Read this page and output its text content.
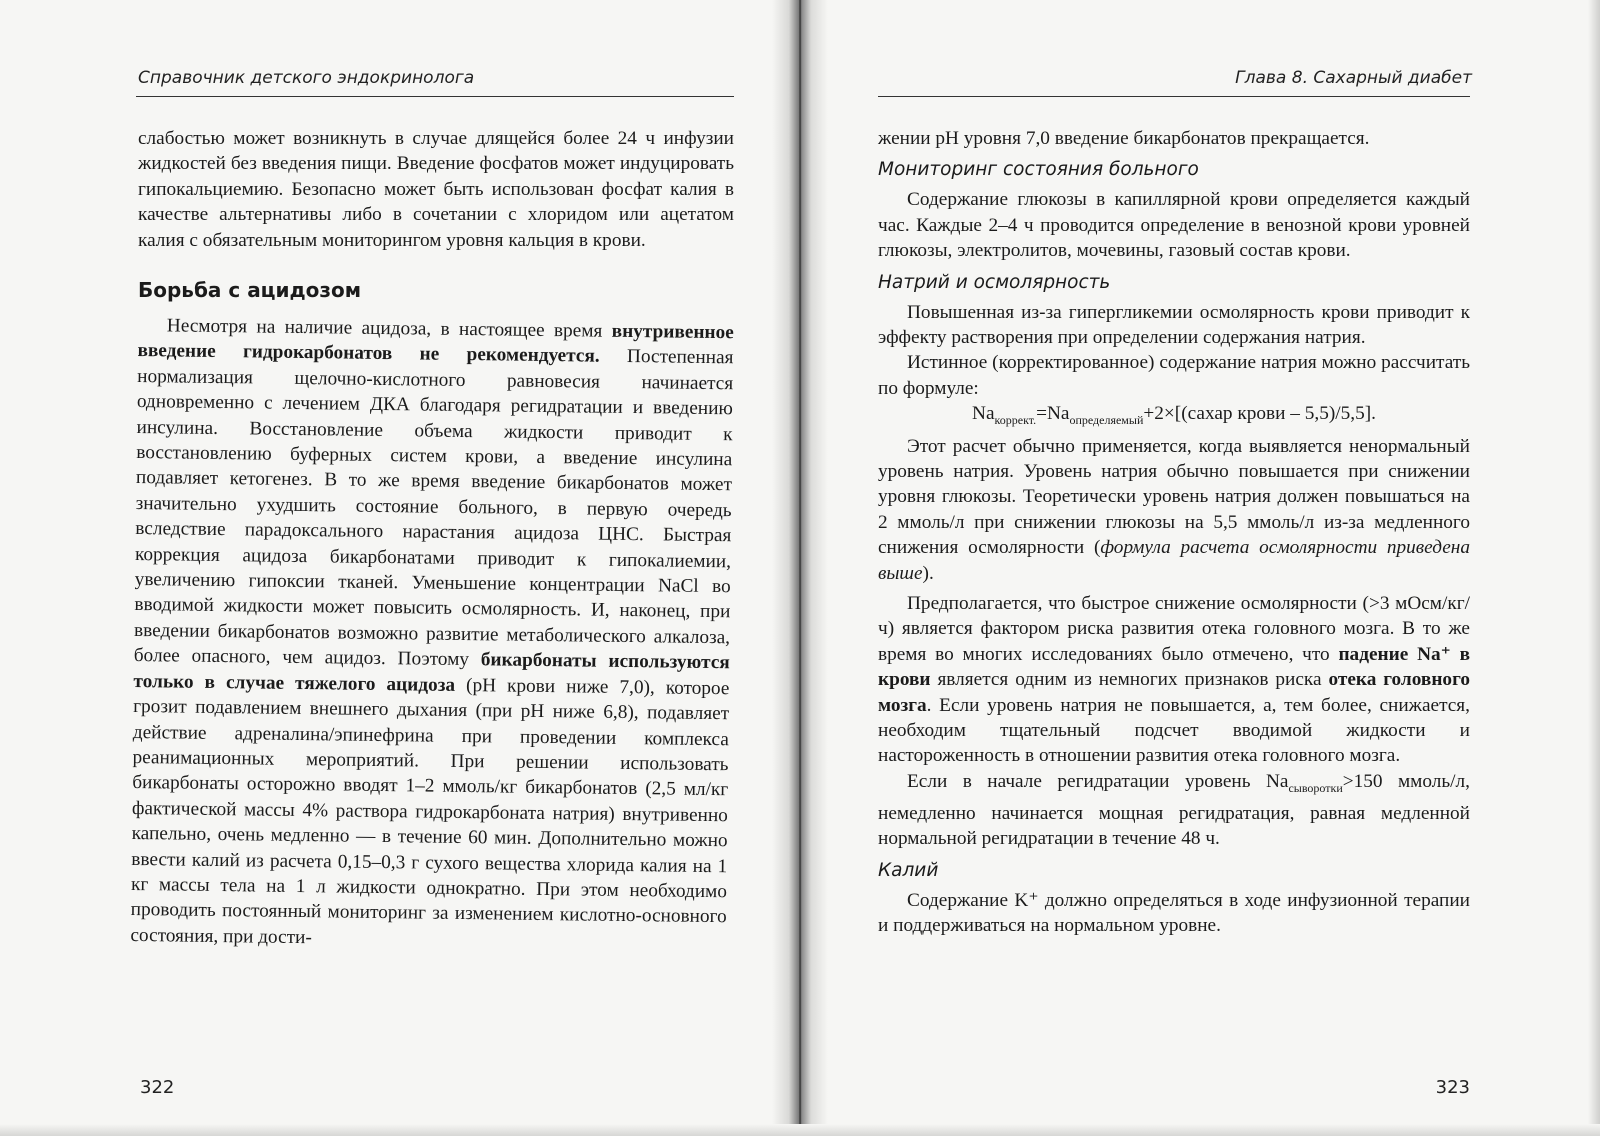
Справочник детского эндокринолога

слабостью может возникнуть в случае длящейся более 24 ч инфузии жидкостей без введения пищи. Введение фосфатов может индуцировать гипокальциемию. Безопасно может быть использован фосфат калия в качестве альтернативы либо в сочетании с хлоридом или ацетатом калия с обязательным мониторингом уровня кальция в крови.

Борьба с ацидозом

Несмотря на наличие ацидоза, в настоящее время внутривенное введение гидрокарбонатов не рекомендуется. Постепенная нормализация щелочно-кислотного равновесия начинается одновременно с лечением ДКА благодаря регидратации и введению инсулина. Восстановление объема жидкости приводит к восстановлению буферных систем крови, а введение инсулина подавляет кетогенез. В то же время введение бикарбонатов может значительно ухудшить состояние больного, в первую очередь вследствие парадоксального нарастания ацидоза ЦНС. Быстрая коррекция ацидоза бикарбонатами приводит к гипокалиемии, увеличению гипоксии тканей. Уменьшение концентрации NaCl во вводимой жидкости может повысить осмолярность. И, наконец, при введении бикарбонатов возможно развитие метаболического алкалоза, более опасного, чем ацидоз. Поэтому бикарбонаты используются только в случае тяжелого ацидоза (pH крови ниже 7,0), которое грозит подавлением внешнего дыхания (при pH ниже 6,8), подавляет действие адреналина/эпинефрина при проведении комплекса реанимационных мероприятий. При решении использовать бикарбонаты осторожно вводят 1–2 ммоль/кг бикарбонатов (2,5 мл/кг фактической массы 4% раствора гидрокарбоната натрия) внутривенно капельно, очень медленно — в течение 60 мин. Дополнительно можно ввести калий из расчета 0,15–0,3 г сухого вещества хлорида калия на 1 кг массы тела на 1 л жидкости однократно. При этом необходимо проводить постоянный мониторинг за изменением кислотно-основного состояния, при дости-

322
Глава 8. Сахарный диабет

жении pH уровня 7,0 введение бикарбонатов прекращается.

Мониторинг состояния больного

Содержание глюкозы в капиллярной крови определяется каждый час. Каждые 2–4 ч проводится определение в венозной крови уровней глюкозы, электролитов, мочевины, газовый состав крови.

Натрий и осмолярность

Повышенная из-за гипергликемии осмолярность крови приводит к эффекту растворения при определении содержания натрия.

Истинное (корректированное) содержание натрия можно рассчитать по формуле:

$Na_{коррект.}=Na_{определяемый}+2\times[(сахар$ крови – 5,5)/5,5].

Этот расчет обычно применяется, когда выявляется ненормальный уровень натрия. Уровень натрия обычно повышается при снижении уровня глюкозы. Теоретически уровень натрия должен повышаться на 2 ммоль/л при снижении глюкозы на 5,5 ммоль/л из-за медленного снижения осмолярности (формула расчета осмолярности приведена выше).

Предполагается, что быстрое снижение осмолярности (>3 мОсм/кг/ч) является фактором риска развития отека головного мозга. В то же время во многих исследованиях было отмечено, что падение Na⁺ в крови является одним из немногих признаков риска отека головного мозга. Если уровень натрия не повышается, а, тем более, снижается, необходим тщательный подсчет вводимой жидкости и настороженность в отношении развития отека головного мозга.

Если в начале регидратации уровень $Na_{сыворотки}>150$ ммоль/л, немедленно начинается мощная регидратация, равная медленной нормальной регидратации в течение 48 ч.

Калий

Содержание K⁺ должно определяться в ходе инфузионной терапии и поддерживаться на нормальном уровне.

323
